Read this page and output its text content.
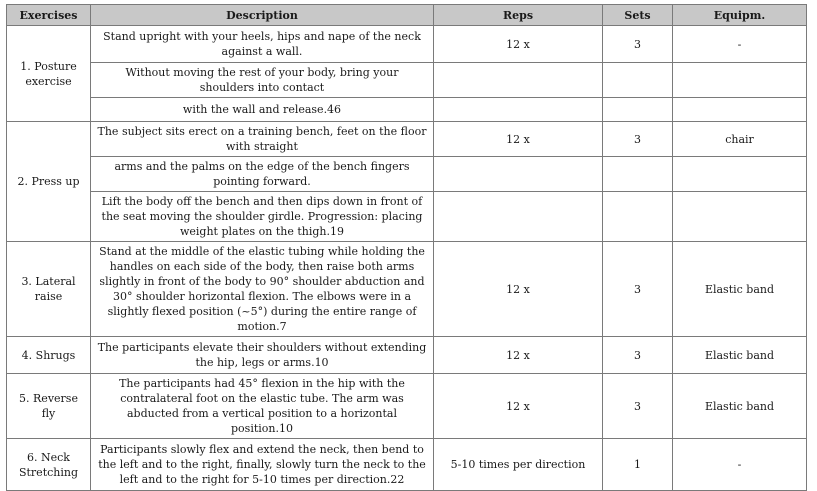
Exercises	Description	Reps	Sets	Equipm.
1. Posture exercise	Stand upright with your heels, hips and nape of the neck against a wall.	12 x	3	-
	Without moving the rest of your body, bring your shoulders into contact			
	with the wall and release.46			
2. Press up	The subject sits erect on a training bench, feet on the floor with straight	12 x	3	chair
	arms and the palms on the edge of the bench fingers pointing forward.			
	Lift the body off the bench and then dips down in front of the seat moving the shoulder girdle. Progression: placing weight plates on the thigh.19			
3. Lateral raise	Stand at the middle of the elastic tubing while holding the handles on each side of the body, then raise both arms slightly in front of the body to 90° shoulder abduction and 30° shoulder horizontal flexion. The elbows were in a slightly flexed position (~5°) during the entire range of motion.7	12 x	3	Elastic band
4. Shrugs	The participants elevate their shoulders without extending the hip, legs or arms.10	12 x	3	Elastic band
5. Reverse fly	The participants had 45° flexion in the hip with the contralateral foot on the elastic tube. The arm was abducted from a vertical position to a horizontal position.10	12 x	3	Elastic band
6. Neck Stretching	Participants slowly flex and extend the neck, then bend to the left and to the right, finally, slowly turn the neck to the left and to the right for 5-10 times per direction.22	5-10 times per direction	1	-
